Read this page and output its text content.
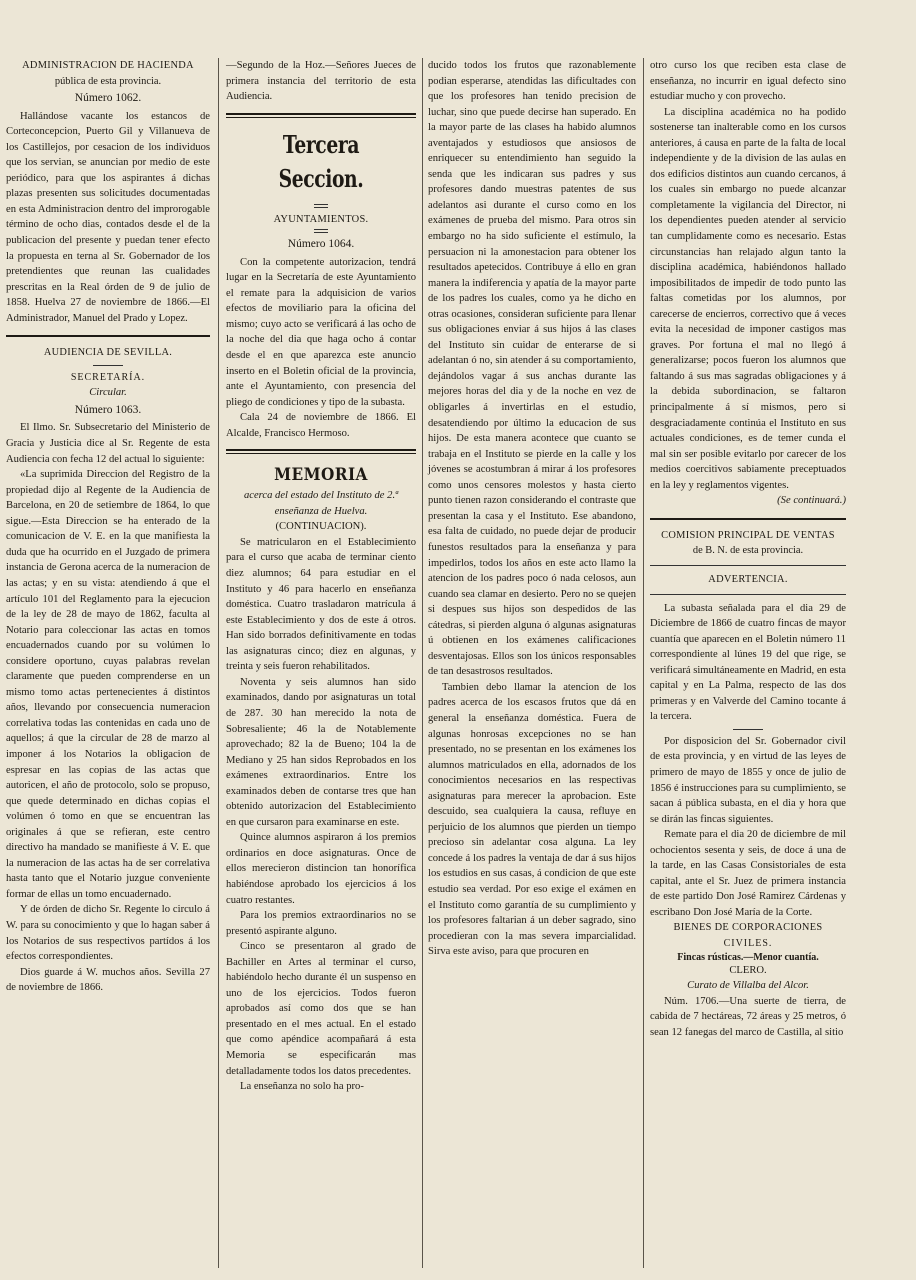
ADMINISTRACION DE HACIENDA

pública de esta provincia.

Número 1062.

Hallándose vacante los estancos de Corteconcepcion, Puerto Gil y Villanueva de los Castillejos, por cesacion de los individuos que los servian, se anuncian por medio de este periódico, para que los aspirantes á dichas plazas presenten sus solicitudes documentadas en esta Administracion dentro del improrogable término de ocho dias, contados desde el de la publicacion del presente y puedan tener efecto la propuesta en terna al Sr. Gobernador de los pretendientes que reunan las cualidades prescritas en la Real órden de 9 de julio de 1858. Huelva 27 de noviembre de 1866.—El Administrador, Manuel del Prado y Lopez.

AUDIENCIA DE SEVILLA.

SECRETARÍA.

Circular.

Número 1063.

El Ilmo. Sr. Subsecretario del Ministerio de Gracia y Justicia dice al Sr. Regente de esta Audiencia con fecha 12 del actual lo siguiente:

«La suprimida Direccion del Registro de la propiedad dijo al Regente de la Audiencia de Barcelona, en 20 de setiembre de 1864, lo que sigue.—Esta Direccion se ha enterado de la comunicacion de V. E. en la que manifiesta la duda que ha ocurrido en el Juzgado de primera instancia de Gerona acerca de la numeracion de las actas; y en su vista: atendiendo á que el artículo 101 del Reglamento para la ejecucion de la ley de 28 de mayo de 1862, faculta al Notario para coleccionar las actas en tomos encuadernados cuando por su volúmen lo considere oportuno, cuyas palabras revelan claramente que pueden comprenderse en un mismo tomo actas pertenecientes á distintos años, llevando por consecuencia numeracion correlativa todas las contenidas en cada uno de aquellos; á que la circular de 28 de marzo al imponer á los Notarios la obligacion de espresar en las copias de las actas que autoricen, el año de protocolo, solo se propuso, que quede determinado en dichas copias el volúmen ó tomo en que se encuentran las originales á que se refieran, este centro directivo ha mandado se manifieste á V. E. que la numeracion de las actas ha de ser correlativa hasta tanto que el Notario juzgue conveniente formar de ellas un tomo encuadernado.

Y de órden de dicho Sr. Regente lo circulo á W. para su conocimiento y que lo hagan saber á los Notarios de sus respectivos partídos á los efectos correspondientes.

Dios guarde á W. muchos años. Sevilla 27 de noviembre de 1866.

—Segundo de la Hoz.—Señores Jueces de primera instancia del territorio de esta Audiencia.

Tercera Seccion.

AYUNTAMIENTOS.

Número 1064.

Con la competente autorizacion, tendrá lugar en la Secretaría de este Ayuntamiento el remate para la adquisicion de varios efectos de moviliario para la oficina del mismo; cuyo acto se verificará á las ocho de la noche del dia que haga ocho á contar desde el en que aparezca este anuncio inserto en el Boletin oficial de la provincia, ante el Ayuntamiento, con presencia del pliego de condiciones y tipo de la subasta.

Cala 24 de noviembre de 1866. El Alcalde, Francisco Hermoso.

MEMORIA

acerca del estado del Instituto de 2.ª enseñanza de Huelva.

(CONTINUACION).

Se matricularon en el Establecimiento para el curso que acaba de terminar ciento diez alumnos; 64 para estudiar en el Instituto y 46 para hacerlo en enseñanza doméstica. Cuatro trasladaron matrícula á este Establecimiento y dos de este á otros. Han sido borrados definitivamente en todas las asignaturas cinco; diez en algunas, y treinta y seis fueron rehabilitados.

Noventa y seis alumnos han sido examinados, dando por asignaturas un total de 287. 30 han merecido la nota de Sobresaliente; 46 la de Notablemente aprovechado; 82 la de Bueno; 104 la de Mediano y 25 han sidos Reprobados en los exámenes extraordinarios. Entre los examinados deben de contarse tres que han obtenido autorizacion del Establecimiento en que cursaron para examinarse en este.

Quince alumnos aspiraron á los premios ordinarios en doce asignaturas. Once de ellos merecieron distincion tan honorífica habiéndose aprobado los ejercicios á los cuatro restantes.

Para los premios extraordinarios no se presentó aspirante alguno.

Cinco se presentaron al grado de Bachiller en Artes al terminar el curso, habiéndolo hecho durante él un suspenso en uno de los ejercicios. Todos fueron aprobados así como dos que se han presentado en el mes actual. En el estado que como apéndice acompañará á esta Memoria se especificarán mas detalladamente todos los datos precedentes.

La enseñanza no solo ha pro-

ducido todos los frutos que razonablemente podian esperarse, atendidas las dificultades con que los profesores han tenido precision de luchar, sino que puede decirse han superado. En la mayor parte de las clases ha habido alumnos aventajados y estudiosos que ansiosos de enriquecer su entendimiento han seguido la senda que les indicaran sus padres y sus profesores dando muestras patentes de sus adelantos asi durante el curso como en los exámenes de prueba del mismo. Para otros sin embargo no ha sido suficiente el estímulo, la persuacion ni la amonestacion para obtener los resultados apetecidos. Contribuye á ello en gran manera la indiferencia y apatía de la mayor parte de los padres los cuales, como ya he dicho en otras ocasiones, consideran suficiente para llenar sus obligaciones enviar á sus hijos á las clases del Instituto sin cuidar de enterarse de si adelantan ó no, sin atender á su comportamiento, dejándolos vagar á sus anchas durante las mejores horas del dia y de la noche en vez de obligarles á invertirlas en el estudio, desatendiendo por último la educacion de sus hijos. De esta manera acontece que cuanto se trabaja en el Instituto se pierde en la calle y los jóvenes se acostumbran á mirar á los profesores como unos censores molestos y hasta cierto punto tienen razon considerando el contraste que presentan la casa y el Instituto. Ese abandono, esa falta de cuidado, no puede dejar de producir funestos resultados para la enseñanza y para impedirlos, todos los años en este acto llamo la atencion de los padres poco ó nada celosos, aun cuando sea clamar en desierto. Pero no se quejen si despues sus hijos son despedidos de las cátedras, si pierden alguna ó algunas asignaturas ú obtienen en los exámenes calificaciones desventajosas. Ellos son los únicos responsables de tan desastrosos resultados.

Tambien debo llamar la atencion de los padres acerca de los escasos frutos que dá en general la enseñanza doméstica. Fuera de algunas honrosas excepciones no se han presentado, no se presentan en los exámenes los alumnos matriculados en ella, adornados de los conocimientos necesarios en las respectivas asignaturas para merecer la aprobacion. Este descuido, sea cualquiera la causa, refluye en perjuicio de los alumnos que pierden un tiempo precioso sin adelantar cosa alguna. La ley concede á los padres la ventaja de dar á sus hijos los estudios en sus casas, á condicion de que este estudio sea verdad. Por eso exige el exámen en el Instituto como garantía de su cumplimiento y los profesores faltarian á un deber sagrado, sino procedieran con la mas severa imparcialidad. Sirva este aviso, para que procuren en

otro curso los que reciben esta clase de enseñanza, no incurrir en igual defecto sino estudiar mucho y con provecho.

La disciplina académica no ha podido sostenerse tan inalterable como en los cursos anteriores, á causa en parte de la falta de local independiente y de la division de las aulas en dos edificios distintos aun cuando cercanos, á los cuales sin embargo no puede alcanzar completamente la vigilancia del Director, ni los dependientes pueden atender al servicio tan cumplidamente como es necesario. Estas circunstancias han relajado algun tanto la disciplina académica, habiéndonos hallado imposibilitados de impedir de todo punto las faltas cometidas por los alumnos, por carecerse de encierros, correctivo que á veces evita la necesidad de imponer castigos mas graves. Por fortuna el mal no llegó á generalizarse; pocos fueron los alumnos que faltando á sus mas sagradas obligaciones y á la debida subordinacion, se faltaron principalmente á sí mismos, pero si desgraciadamente continúa el Instituto en sus actuales condiciones, es de temer cunda el mal sin ser posible evitarlo por carecer de los medios coercitivos sabiamente preceptuados en la ley y reglamentos vigentes.

(Se continuará.)

COMISION PRINCIPAL DE VENTAS

de B. N. de esta provincia.

ADVERTENCIA.

La subasta señalada para el dia 29 de Diciembre de 1866 de cuatro fincas de mayor cuantía que aparecen en el Boletin número 11 correspondiente al lúnes 19 del que rige, se verificará simultáneamente en Madrid, en esta capital y en La Palma, respecto de las dos primeras y en Valverde del Camino tocante á la tercera.

Por disposicion del Sr. Gobernador civil de esta provincia, y en virtud de las leyes de primero de mayo de 1855 y once de julio de 1856 é instrucciones para su cumplimiento, se sacan á pública subasta, en el dia y hora que se dirán las fincas siguientes.

Remate para el dia 20 de diciembre de mil ochocientos sesenta y seis, de doce á una de la tarde, en las Casas Consistoriales de esta capital, ante el Sr. Juez de primera instancia de este partido Don José Ramirez Cárdenas y escribano Don José María de la Corte.

BIENES DE CORPORACIONES

CIVILES.

Fincas rústicas.—Menor cuantía.

CLERO.

Curato de Villalba del Alcor.

Núm. 1706.—Una suerte de tierra, de cabida de 7 hectáreas, 72 áreas y 25 metros, ó sean 12 fanegas del marco de Castilla, al sitio
